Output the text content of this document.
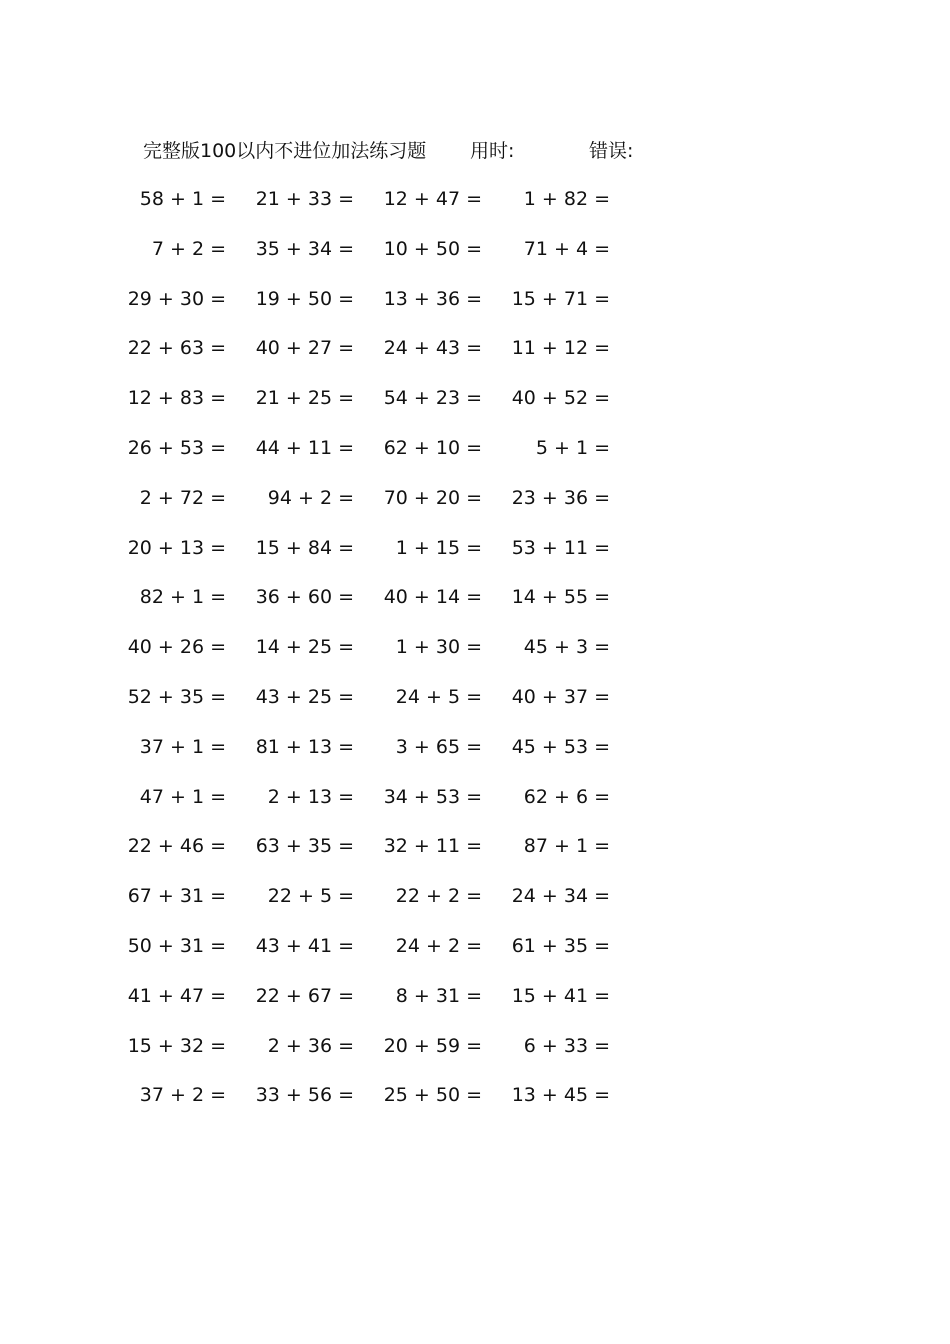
完整版100以内不进位加法练习题 用时:	错误:
58 + 1 = 21 + 33 = 12 + 47 = 1 + 82 =
7 + 2 = 35 + 34 = 10 + 50 = 71 + 4 =
29 + 30 = 19 + 50 = 13 + 36 = 15 + 71 =
22 + 63 = 40 + 27 = 24 + 43 = 11 + 12 =
12 + 83 = 21 + 25 = 54 + 23 = 40 + 52 =
26 + 53 = 44 + 11 = 62 + 10 =	5 + 1 =
2 + 72 = 94 + 2 = 70 + 20 = 23 + 36 =
20 + 13 = 15 + 84 = 1 + 15 = 53 + 11 =
82 + 1 = 36 + 60 = 40 + 14 = 14 + 55 =
40 + 26 = 14 + 25 = 1 + 30 = 45 + 3 =
52 + 35 = 43 + 25 = 24 + 5 = 40 + 37 =
37 + 1 = 81 + 13 = 3 + 65 = 45 + 53 =
47 + 1 = 2 + 13 = 34 + 53 = 62 + 6 =
22 + 46 = 63 + 35 = 32 + 11 = 87 + 1 =
67 + 31 = 22 + 5 = 22 + 2 = 24 + 34 =
50 + 31 = 43 + 41 = 24 + 2 = 61 + 35 =
41 + 47 = 22 + 67 = 8 + 31 = 15 + 41 =
15 + 32 = 2 + 36 = 20 + 59 = 6 + 33 =
37 + 2 = 33 + 56 = 25 + 50 = 13 + 45 =
